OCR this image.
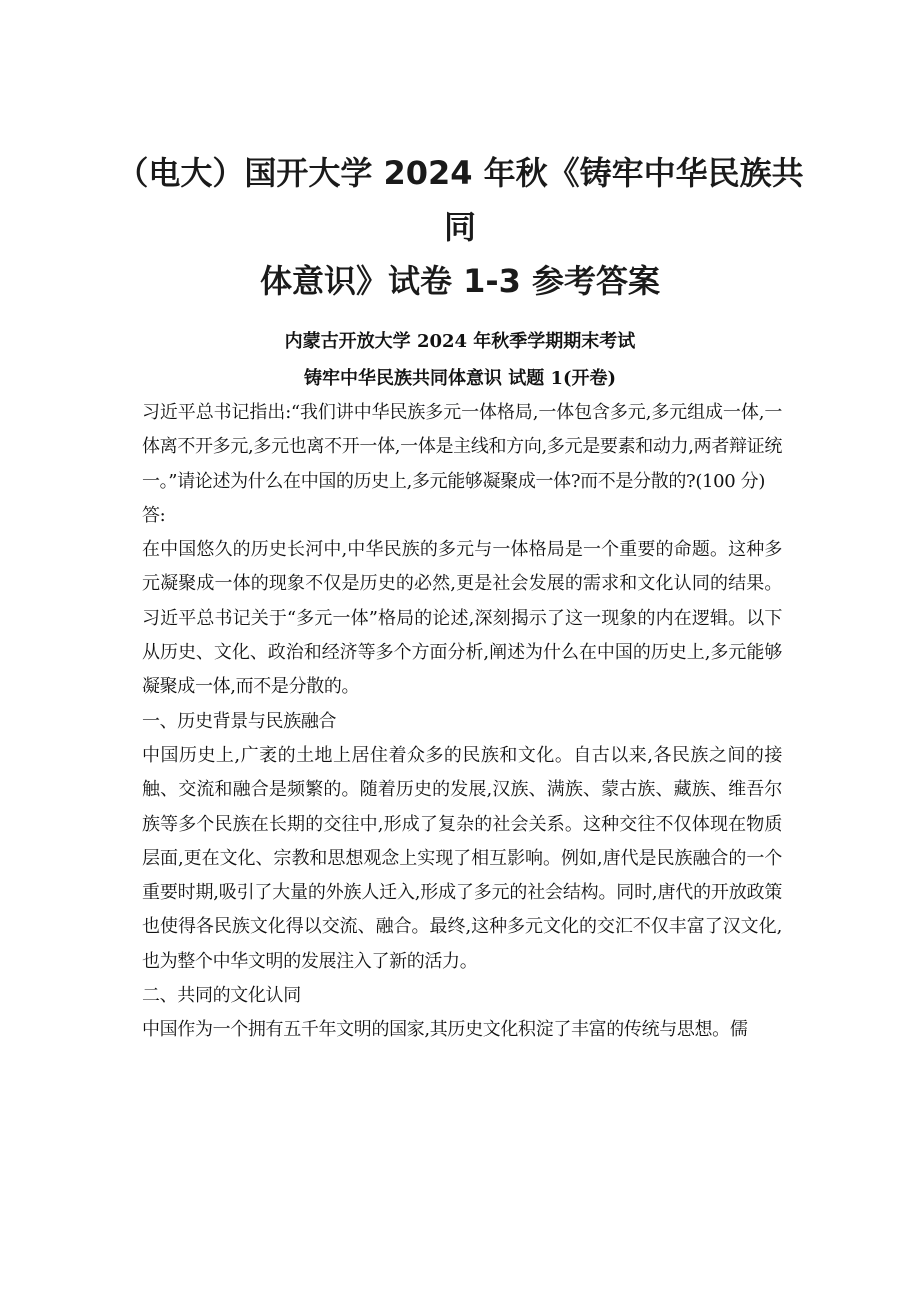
（电大）国开大学 2024 年秋《铸牢中华民族共同
体意识》试卷 1-3 参考答案

内蒙古开放大学 2024 年秋季学期期末考试

铸牢中华民族共同体意识 试题 1(开卷)

习近平总书记指出:“我们讲中华民族多元一体格局,一体包含多元,多元组成一体,一体离不开多元,多元也离不开一体,一体是主线和方向,多元是要素和动力,两者辩证统一。”请论述为什么在中国的历史上,多元能够凝聚成一体?而不是分散的?(100 分)

答:

在中国悠久的历史长河中,中华民族的多元与一体格局是一个重要的命题。这种多元凝聚成一体的现象不仅是历史的必然,更是社会发展的需求和文化认同的结果。习近平总书记关于“多元一体”格局的论述,深刻揭示了这一现象的内在逻辑。以下从历史、文化、政治和经济等多个方面分析,阐述为什么在中国的历史上,多元能够凝聚成一体,而不是分散的。

一、历史背景与民族融合

中国历史上,广袤的土地上居住着众多的民族和文化。自古以来,各民族之间的接触、交流和融合是频繁的。随着历史的发展,汉族、满族、蒙古族、藏族、维吾尔族等多个民族在长期的交往中,形成了复杂的社会关系。这种交往不仅体现在物质层面,更在文化、宗教和思想观念上实现了相互影响。例如,唐代是民族融合的一个重要时期,吸引了大量的外族人迁入,形成了多元的社会结构。同时,唐代的开放政策也使得各民族文化得以交流、融合。最终,这种多元文化的交汇不仅丰富了汉文化,也为整个中华文明的发展注入了新的活力。

二、共同的文化认同

中国作为一个拥有五千年文明的国家,其历史文化积淀了丰富的传统与思想。儒
